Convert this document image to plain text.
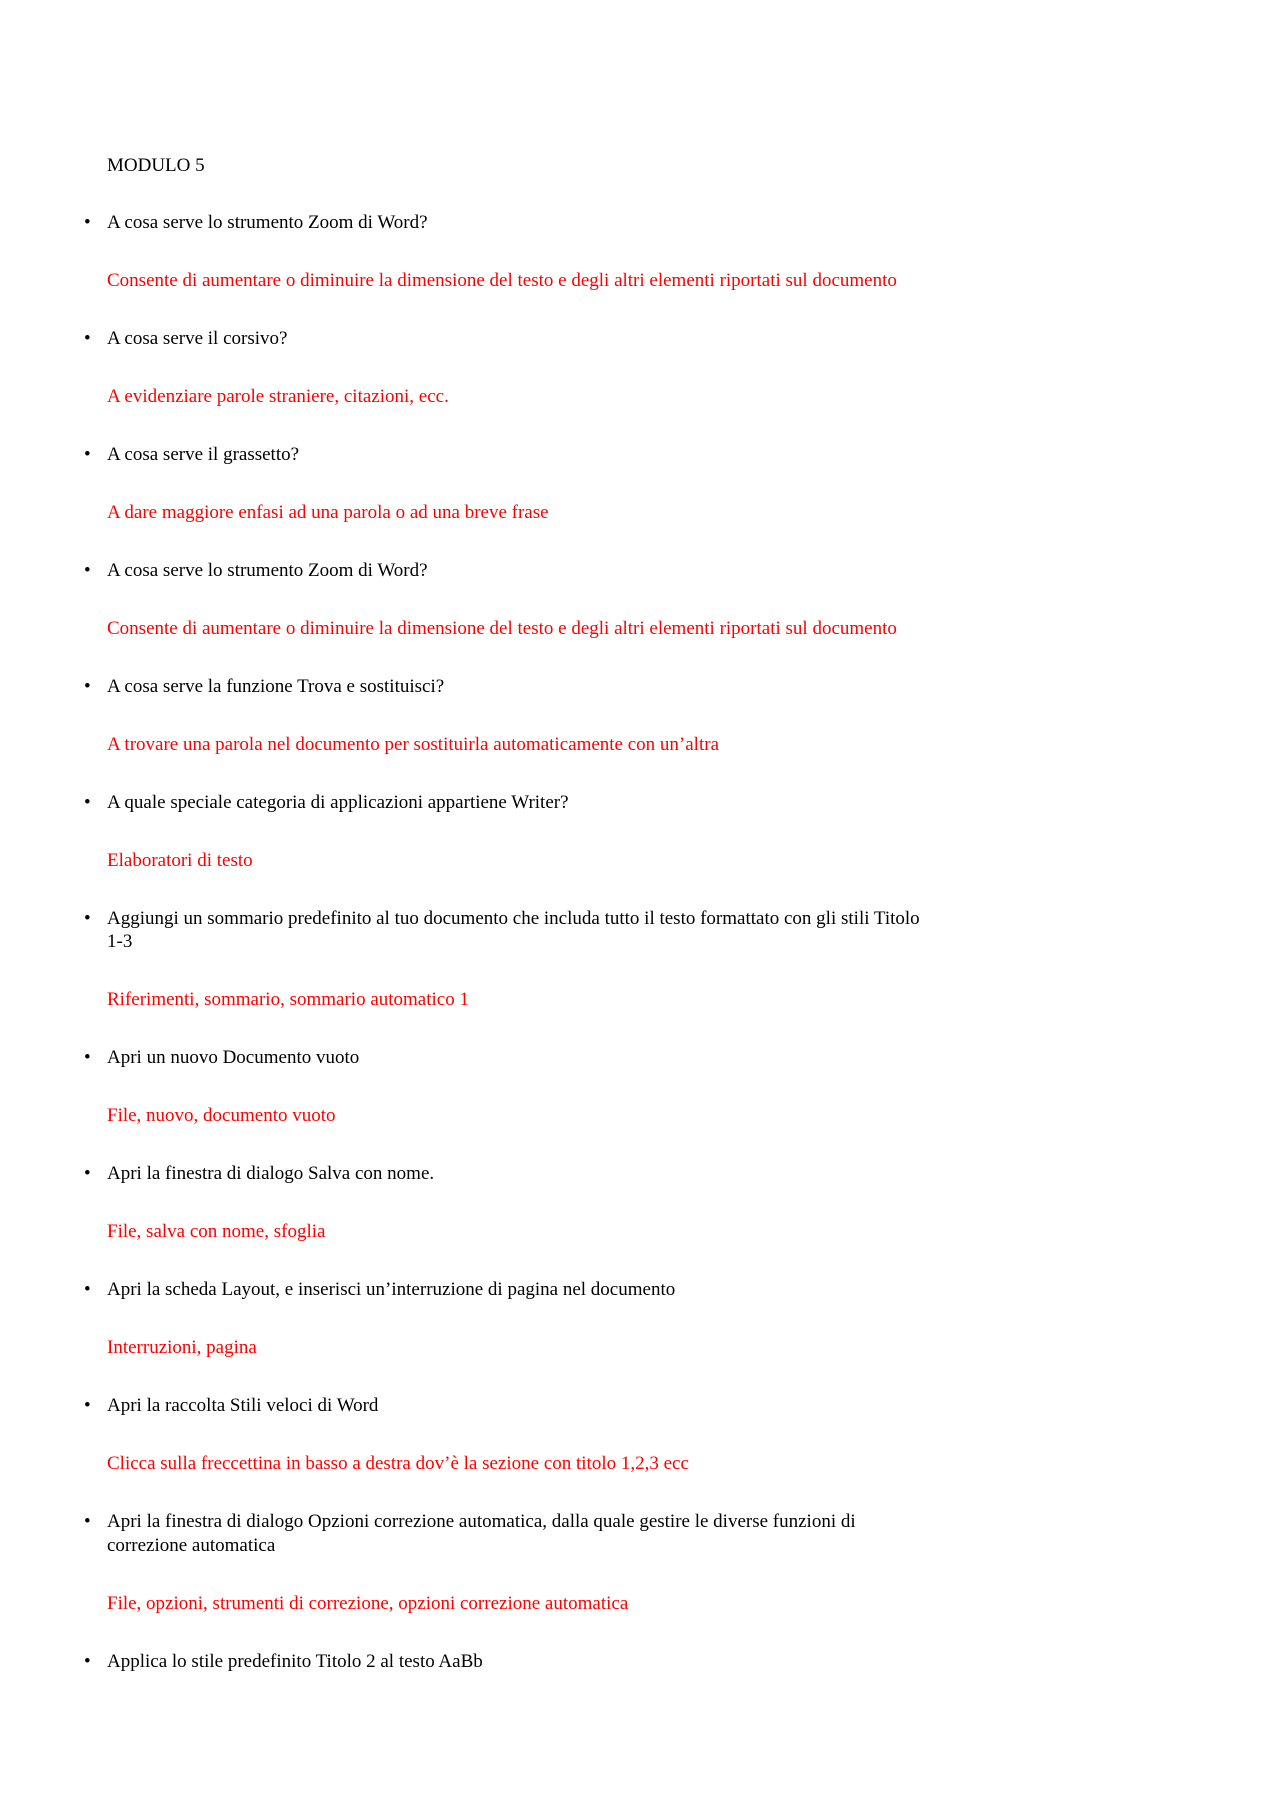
MODULO 5

• A cosa serve lo strumento Zoom di Word?
Consente di aumentare o diminuire la dimensione del testo e degli altri elementi riportati sul documento
• A cosa serve il corsivo?
A evidenziare parole straniere, citazioni, ecc.
• A cosa serve il grassetto?
A dare maggiore enfasi ad una parola o ad una breve frase
• A cosa serve lo strumento Zoom di Word?
Consente di aumentare o diminuire la dimensione del testo e degli altri elementi riportati sul documento
• A cosa serve la funzione Trova e sostituisci?
A trovare una parola nel documento per sostituirla automaticamente con un’altra
• A quale speciale categoria di applicazioni appartiene Writer?
Elaboratori di testo
• Aggiungi un sommario predefinito al tuo documento che includa tutto il testo formattato con gli stili Titolo
1-3
Riferimenti, sommario, sommario automatico 1
• Apri un nuovo Documento vuoto
File, nuovo, documento vuoto
• Apri la finestra di dialogo Salva con nome.
File, salva con nome, sfoglia
• Apri la scheda Layout, e inserisci un’interruzione di pagina nel documento
Interruzioni, pagina
• Apri la raccolta Stili veloci di Word
Clicca sulla freccettina in basso a destra dov’è la sezione con titolo 1,2,3 ecc
• Apri la finestra di dialogo Opzioni correzione automatica, dalla quale gestire le diverse funzioni di
correzione automatica
File, opzioni, strumenti di correzione, opzioni correzione automatica
• Applica lo stile predefinito Titolo 2 al testo AaBb
